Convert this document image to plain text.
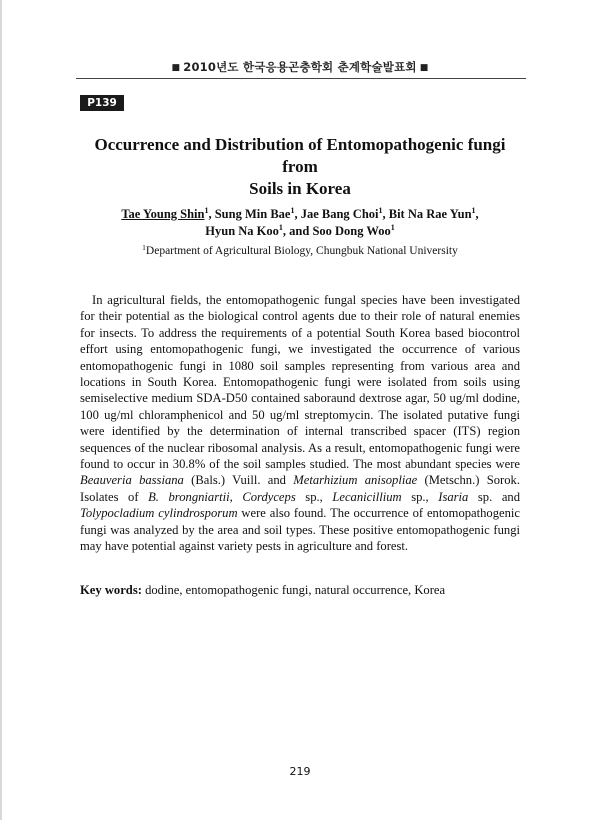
■ 2010년도 한국응용곤충학회 춘계학술발표회 ■
P139
Occurrence and Distribution of Entomopathogenic fungi from
Soils in Korea
Tae Young Shin$^1$, Sung Min Bae$^1$, Jae Bang Choi$^1$, Bit Na Rae Yun$^1$,
Hyun Na Koo$^1$, and Soo Dong Woo$^1$
$^1$Department of Agricultural Biology, Chungbuk National University

In agricultural fields, the entomopathogenic fungal species have been investigated for their potential as the biological control agents due to their role of natural enemies for insects. To address the requirements of a potential South Korea based biocontrol effort using entomopathogenic fungi, we investigated the occurrence of various entomopathogenic fungi in 1080 soil samples representing from various area and locations in South Korea. Entomopathogenic fungi were isolated from soils using semiselective medium SDA-D50 contained saboraund dextrose agar, 50 ug/ml dodine, 100 ug/ml chloramphenicol and 50 ug/ml streptomycin. The isolated putative fungi were identified by the determination of internal transcribed spacer (ITS) region sequences of the nuclear ribosomal analysis. As a result, entomopathogenic fungi were found to occur in 30.8% of the soil samples studied. The most abundant species were Beauveria bassiana (Bals.) Vuill. and Metarhizium anisopliae (Metschn.) Sorok. Isolates of B. brongniartii, Cordyceps sp., Lecanicillium sp., Isaria sp. and Tolypocladium cylindrosporum were also found. The occurrence of entomopathogenic fungi was analyzed by the area and soil types. These positive entomopathogenic fungi may have potential against variety pests in agriculture and forest.

Key words: dodine, entomopathogenic fungi, natural occurrence, Korea
219
